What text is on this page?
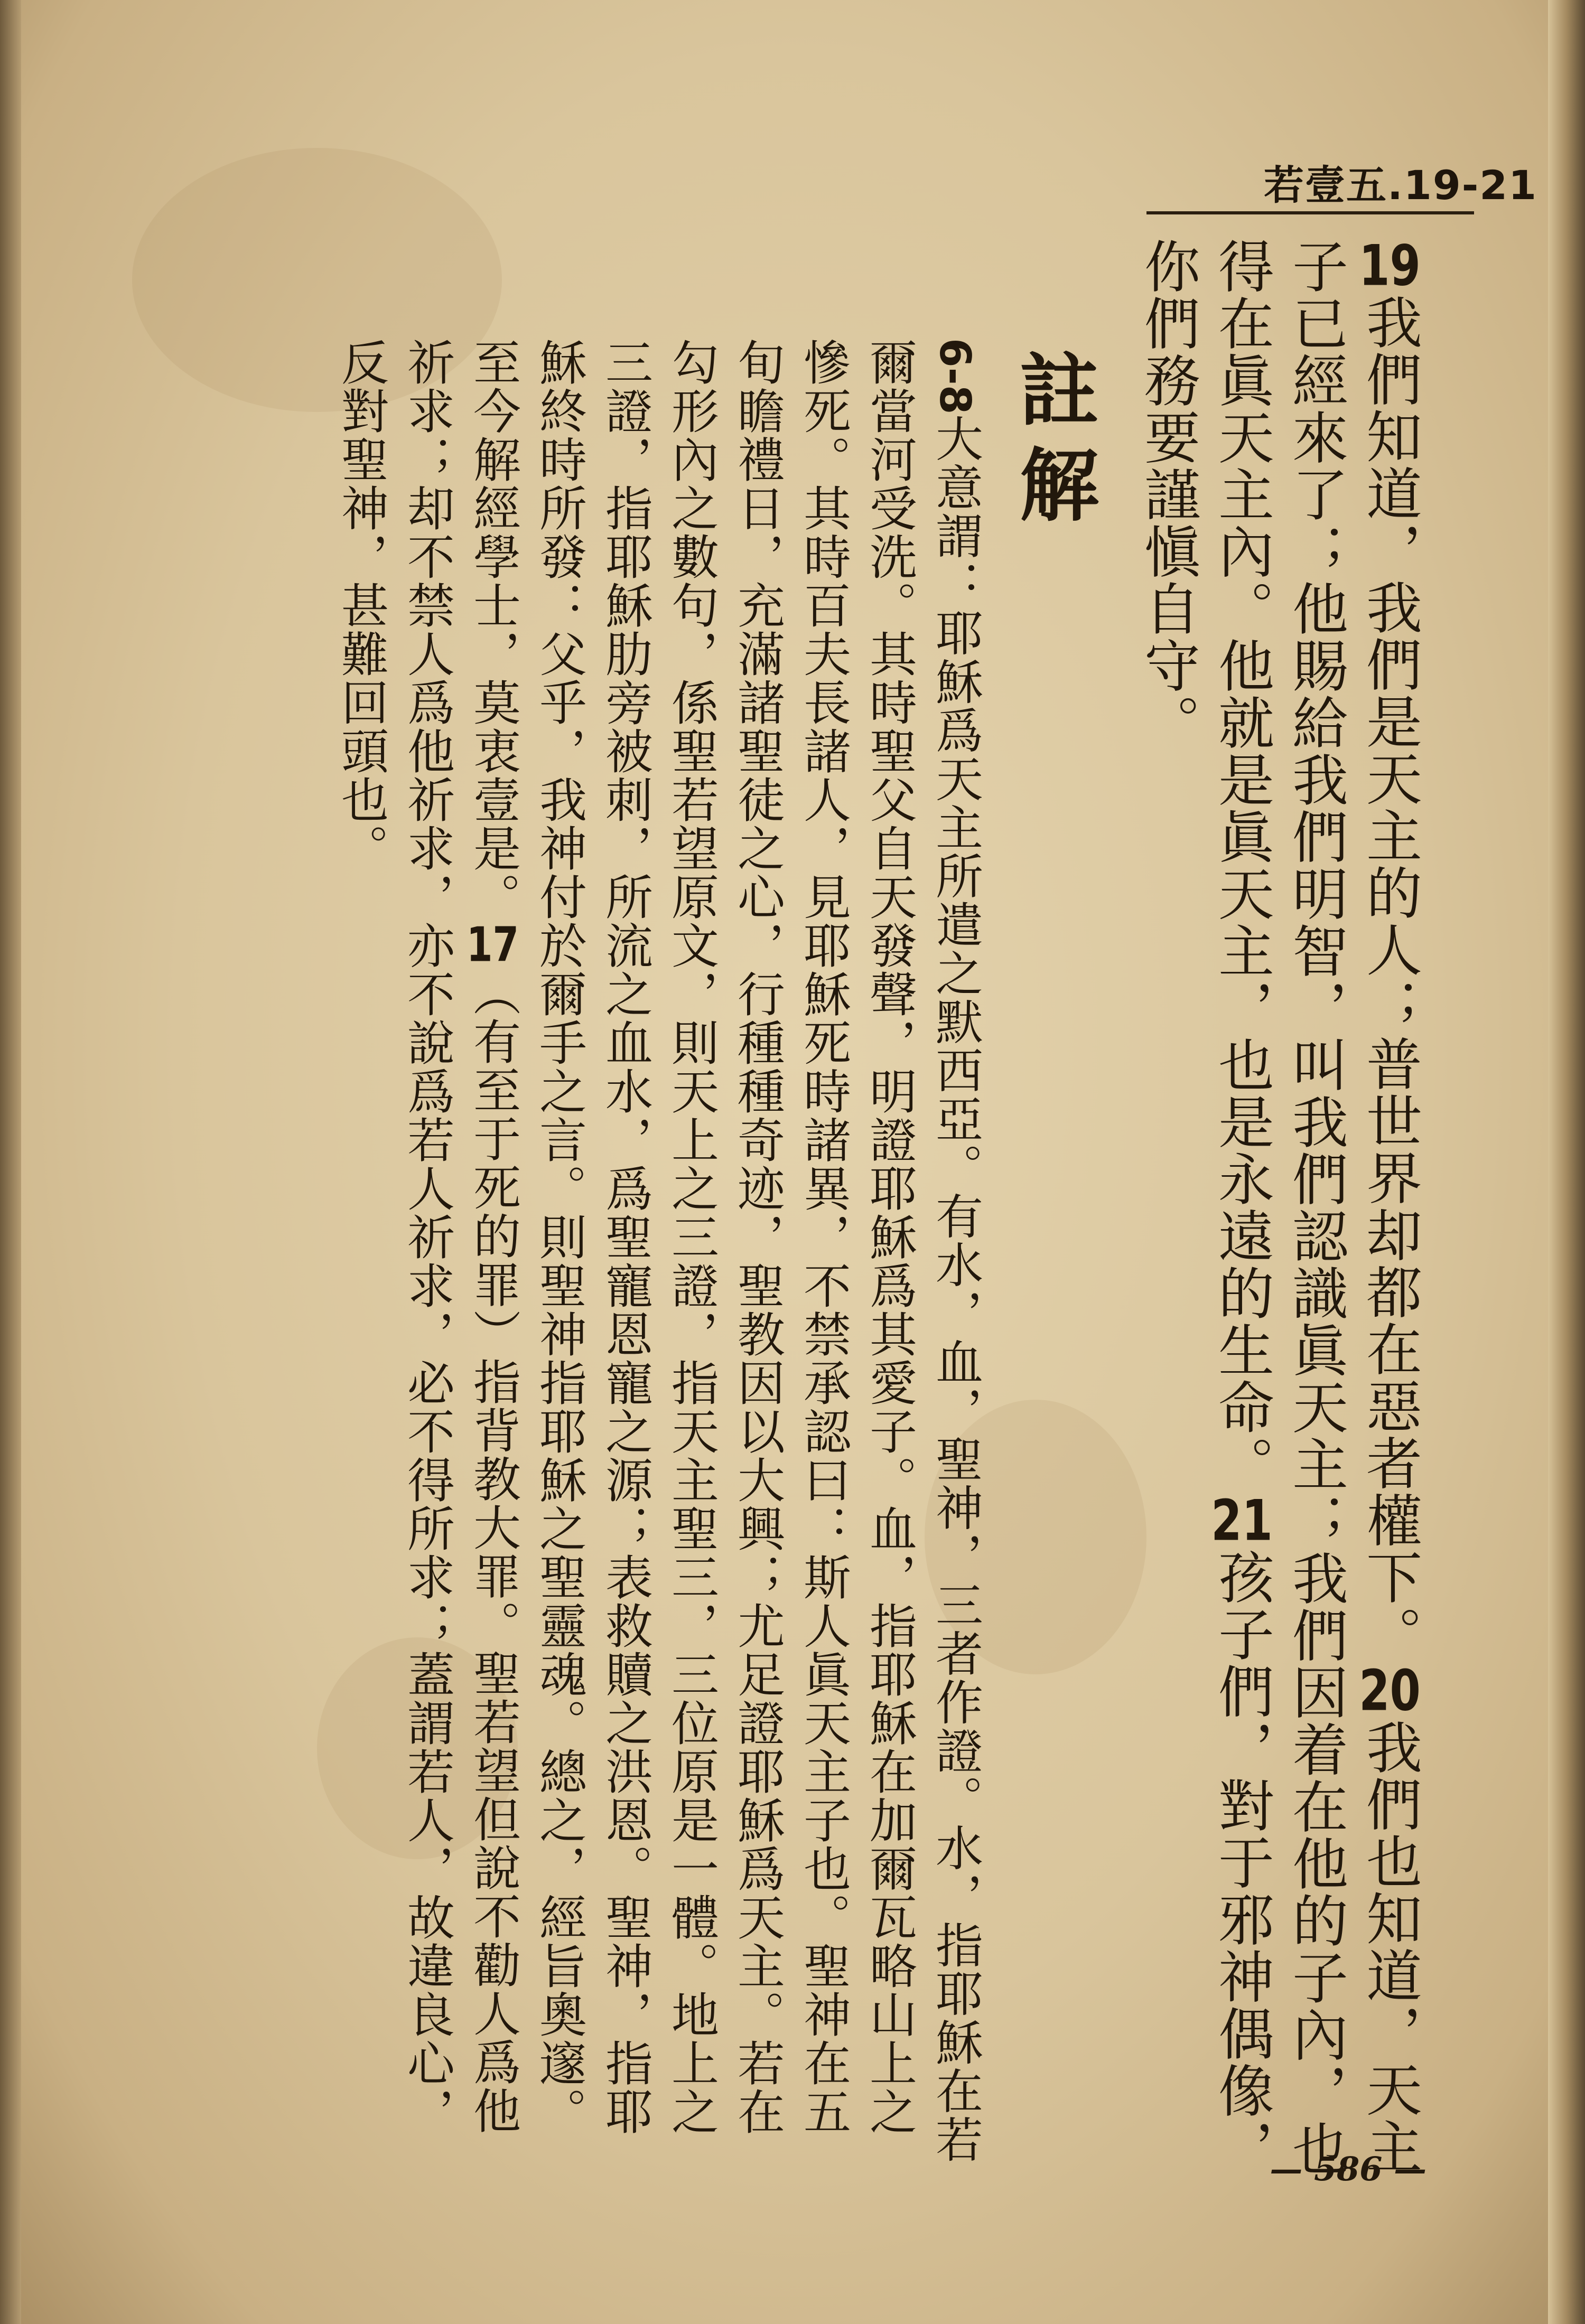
若壹五.19-21
19我們知道，我們是天主的人；普世界却都在惡者權下。20我們也知道，天主子已經來了；他賜給我們明智，叫我們認識眞天主；我們因着在他的子內，也得在眞天主內。他就是眞天主，也是永遠的生命。21孩子們，對于邪神偶像，你們務要謹愼自守。
註解
6-8大意謂：耶穌爲天主所遣之默西亞。有水，血，聖神，三者作證。水，指耶穌在若爾當河受洗。其時聖父自天發聲，明證耶穌爲其愛子。血，指耶穌在加爾瓦略山上之慘死。其時百夫長諸人，見耶穌死時諸異，不禁承認曰：斯人眞天主子也。聖神在五旬瞻禮日，充滿諸聖徒之心，行種種奇迹，聖教因以大興；尤足證耶穌爲天主。若在勾形內之數句，係聖若望原文，則天上之三證，指天主聖三，三位原是一體。地上之三證，指耶穌肋旁被刺，所流之血水，爲聖寵恩寵之源；表救贖之洪恩。聖神，指耶穌終時所發：父乎，我神付於爾手之言。則聖神指耶穌之聖靈魂。總之，經旨奧邃。至今解經學士，莫衷壹是。17（有至于死的罪）指背教大罪。聖若望但說不勸人爲他祈求；却不禁人爲他祈求，亦不說爲若人祈求，必不得所求；蓋謂若人，故違良心，反對聖神，甚難回頭也。
— 586 —
